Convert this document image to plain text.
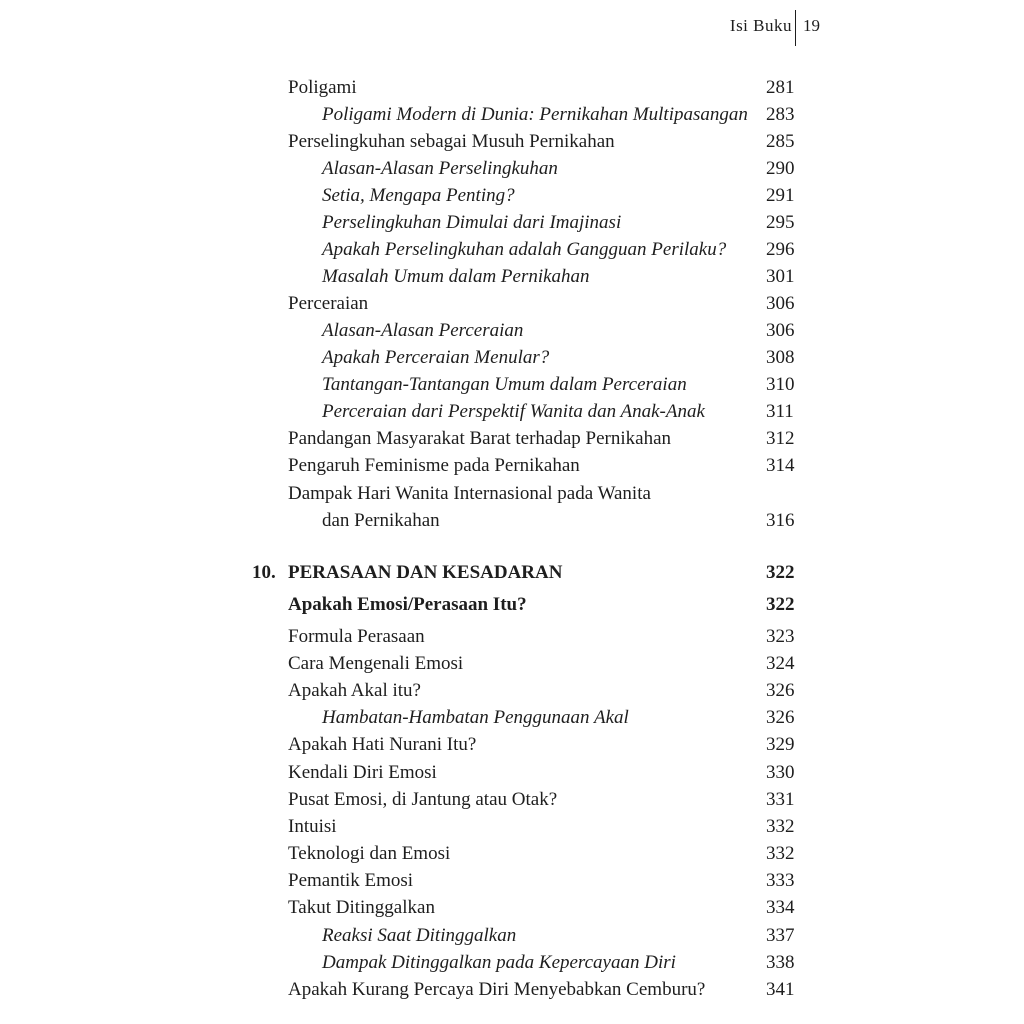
Isi Buku 19
Poligami	281
Poligami Modern di Dunia: Pernikahan Multipasangan 283
Perselingkuhan sebagai Musuh Pernikahan	285
Alasan-Alasan Perselingkuhan	290
Setia, Mengapa Penting?	291
Perselingkuhan Dimulai dari Imajinasi	295
Apakah Perselingkuhan adalah Gangguan Perilaku? 296
Masalah Umum dalam Pernikahan	301
Perceraian	306
Alasan-Alasan Perceraian	306
Apakah Perceraian Menular?	308
Tantangan-Tantangan Umum dalam Perceraian	310
Perceraian dari Perspektif Wanita dan Anak-Anak	311
Pandangan Masyarakat Barat terhadap Pernikahan	312
Pengaruh Feminisme pada Pernikahan	314
Dampak Hari Wanita Internasional pada Wanita
dan Pernikahan	316
10. PERASAAN DAN KESADARAN	322
Apakah Emosi/Perasaan Itu?	322
Formula Perasaan	323
Cara Mengenali Emosi	324
Apakah Akal itu?	326
Hambatan-Hambatan Penggunaan Akal	326
Apakah Hati Nurani Itu?	329
Kendali Diri Emosi	330
Pusat Emosi, di Jantung atau Otak?	331
Intuisi	332
Teknologi dan Emosi	332
Pemantik Emosi	333
Takut Ditinggalkan	334
Reaksi Saat Ditinggalkan	337
Dampak Ditinggalkan pada Kepercayaan Diri	338
Apakah Kurang Percaya Diri Menyebabkan Cemburu?	341
